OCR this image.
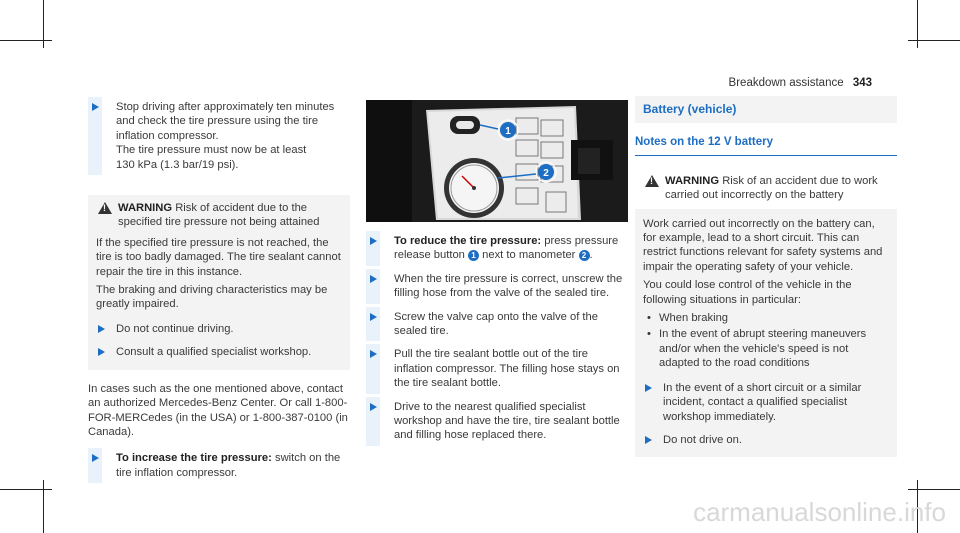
Breakdown assistance 343
Stop driving after approximately ten minutes
and check the tire pressure using the tire
inflation compressor.
The tire pressure must now be at least
130 kPa (1.3 bar/19 psi).
!
WARNING Risk of accident due to the specified tire pressure not being attained

If the specified tire pressure is not reached, the tire is too badly damaged. The tire sealant cannot repair the tire in this instance.

The braking and driving characteristics may be greatly impaired.

Do not continue driving.
Consult a qualified specialist workshop.

In cases such as the one mentioned above, contact an authorized Mercedes-Benz Center. Or call 1-800-FOR-MERCedes (in the USA) or 1-800-387-0100 (in Canada).

To increase the tire pressure: switch on the tire inflation compressor.
1
2
To reduce the tire pressure: press pressure release button 1 next to manometer 2 .
When the tire pressure is correct, unscrew the filling hose from the valve of the sealed tire.
Screw the valve cap onto the valve of the sealed tire.
Pull the tire sealant bottle out of the tire inflation compressor. The filling hose stays on the tire sealant bottle.
Drive to the nearest qualified specialist workshop and have the tire, tire sealant bottle and filling hose replaced there.
Battery (vehicle)
Notes on the 12 V battery
!
WARNING Risk of an accident due to work carried out incorrectly on the battery

Work carried out incorrectly on the battery can, for example, lead to a short circuit. This can restrict functions relevant for safety systems and impair the operating safety of your vehicle.

You could lose control of the vehicle in the following situations in particular:

• When braking
• In the event of abrupt steering maneuvers and/or when the vehicle's speed is not adapted to the road conditions
In the event of a short circuit or a similar incident, contact a qualified specialist workshop immediately.
Do not drive on.
carmanualsonline.info
